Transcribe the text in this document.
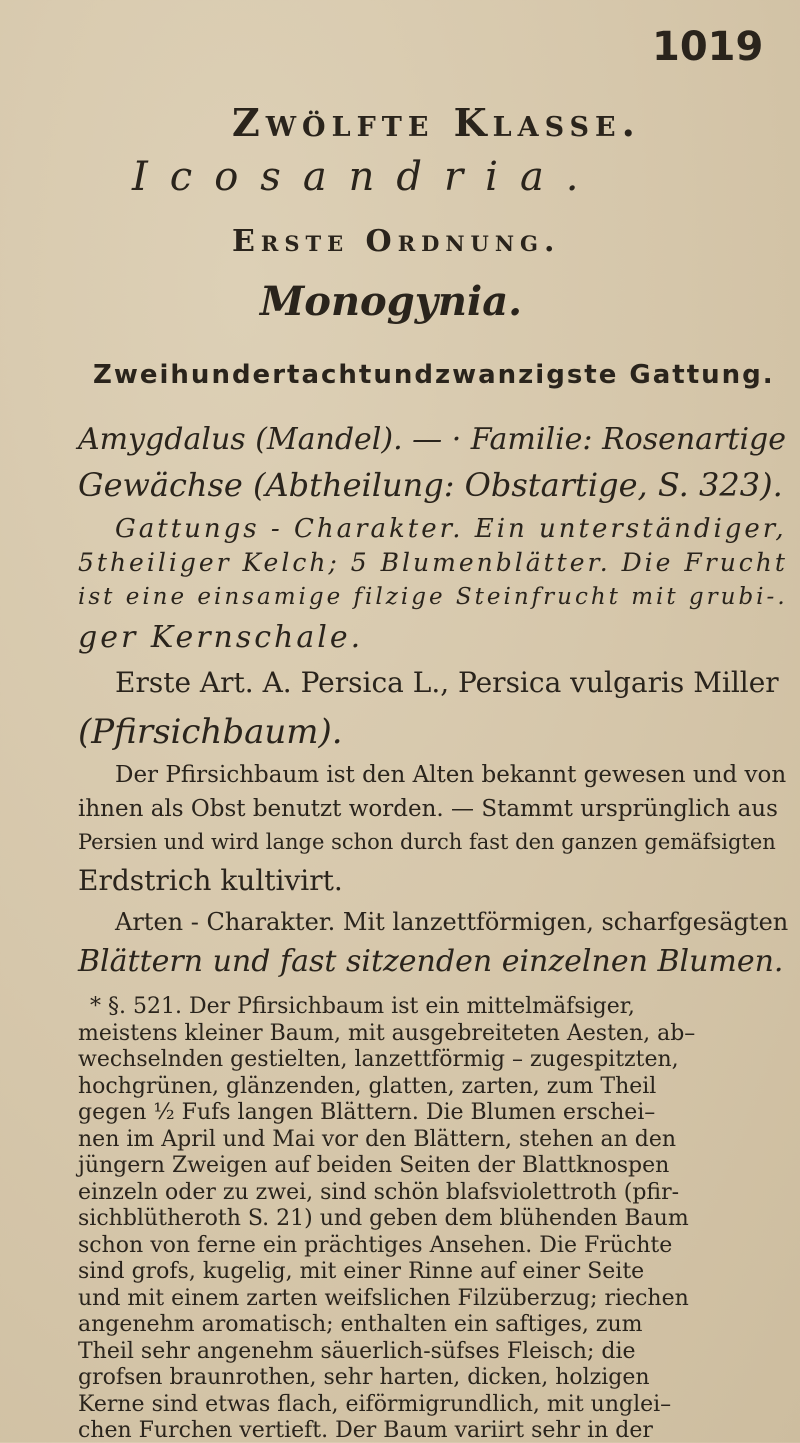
1019
Zwölfte Klasse.
Icosandria.
Erste Ordnung.
Monogynia.
Zweihundertachtundzwanzigste Gattung.
Amygdalus (Mandel). — · Familie: Rosenartige
Gewächse (Abtheilung: Obstartige, S. 323).
Gattungs - Charakter. Ein unterständiger,
5theiliger Kelch; 5 Blumenblätter. Die Frucht
ist eine einsamige filzige Steinfrucht mit grubi-.
ger Kernschale.
Erste Art. A. Persica L., Persica vulgaris Miller
(Pfirsichbaum).
Der Pfirsichbaum ist den Alten bekannt gewesen und von
ihnen als Obst benutzt worden. — Stammt ursprünglich aus
Persien und wird lange schon durch fast den ganzen gemäfsigten
Erdstrich kultivirt.
Arten - Charakter. Mit lanzettförmigen, scharfgesägten
Blättern und fast sitzenden einzelnen Blumen.
* §. 521. Der Pfirsichbaum ist ein mittelmäfsiger,
meistens kleiner Baum, mit ausgebreiteten Aesten, ab–
wechselnden gestielten, lanzettförmig – zugespitzten,
hochgrünen, glänzenden, glatten, zarten, zum Theil
gegen ½ Fufs langen Blättern. Die Blumen erschei–
nen im April und Mai vor den Blättern, stehen an den
jüngern Zweigen auf beiden Seiten der Blattknospen
einzeln oder zu zwei, sind schön blafsviolettroth (pfir-
sichblütheroth S. 21) und geben dem blühenden Baum
schon von ferne ein prächtiges Ansehen. Die Früchte
sind grofs, kugelig, mit einer Rinne auf einer Seite
und mit einem zarten weifslichen Filzüberzug; riechen
angenehm aromatisch; enthalten ein saftiges, zum
Theil sehr angenehm säuerlich-süfses Fleisch; die
grofsen braunrothen, sehr harten, dicken, holzigen
Kerne sind etwas flach, eiförmigrundlich, mit unglei–
chen Furchen vertieft. Der Baum variirt sehr in der
